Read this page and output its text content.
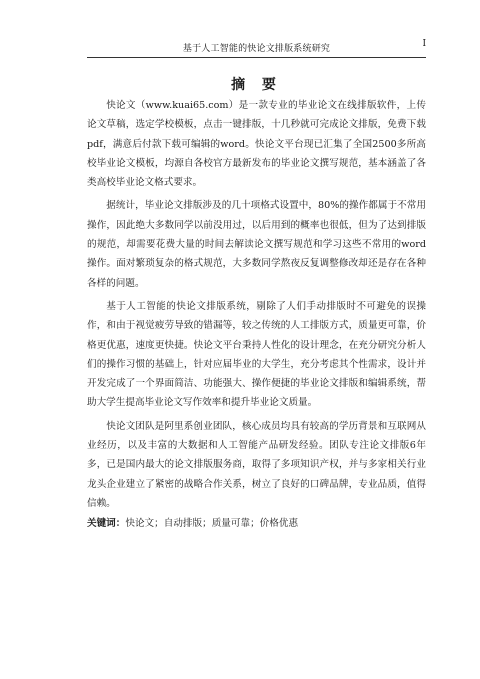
基于人工智能的快论文排版系统研究	I
摘 要

快论文（www.kuai65.com）是一款专业的毕业论文在线排版软件，上传论文草稿，选定学校模板，点击一键排版，十几秒就可完成论文排版，免费下载pdf，满意后付款下载可编辑的word。快论文平台现已汇集了全国2500多所高校毕业论文模板，均源自各校官方最新发布的毕业论文撰写规范，基本涵盖了各类高校毕业论文格式要求。

据统计，毕业论文排版涉及的几十项格式设置中，80%的操作都属于不常用操作，因此绝大多数同学以前没用过，以后用到的概率也很低，但为了达到排版的规范，却需要花费大量的时间去解读论文撰写规范和学习这些不常用的word操作。面对繁琐复杂的格式规范，大多数同学熬夜反复调整修改却还是存在各种各样的问题。

基于人工智能的快论文排版系统，剔除了人们手动排版时不可避免的误操作，和由于视觉疲劳导致的错漏等，较之传统的人工排版方式，质量更可靠，价格更优惠，速度更快捷。快论文平台秉持人性化的设计理念，在充分研究分析人们的操作习惯的基础上，针对应届毕业的大学生，充分考虑其个性需求，设计并开发完成了一个界面简洁、功能强大、操作便捷的毕业论文排版和编辑系统，帮助大学生提高毕业论文写作效率和提升毕业论文质量。

快论文团队是阿里系创业团队，核心成员均具有较高的学历背景和互联网从业经历，以及丰富的大数据和人工智能产品研发经验。团队专注论文排版6年多，已是国内最大的论文排版服务商，取得了多项知识产权，并与多家相关行业龙头企业建立了紧密的战略合作关系，树立了良好的口碑品牌，专业品质，值得信赖。

关键词：快论文；自动排版；质量可靠；价格优惠
